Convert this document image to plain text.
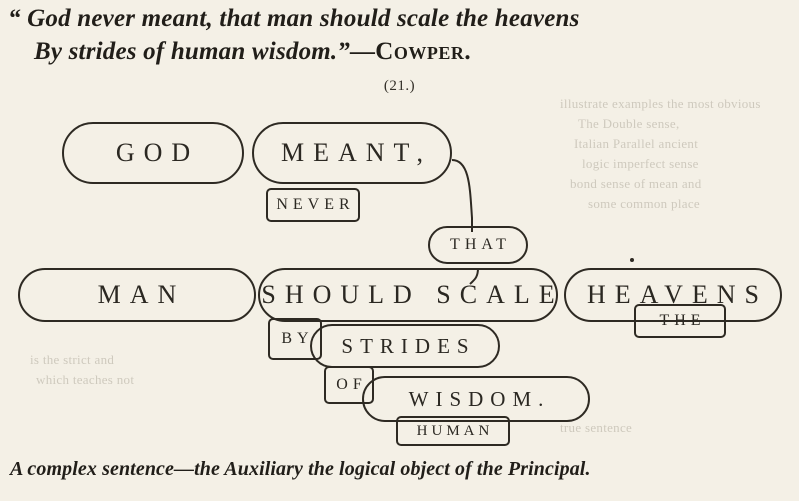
illustrate examples the most obvious
The Double sense,
Italian Parallel ancient
logic imperfect sense
bond sense of mean and
some common place
is the strict and
which teaches not
true sentence
“ God never meant, that man should scale the heavens
By strides of human wisdom.”—Cowper.
(21.)
GOD	MEANT,
NEVER
THAT
MAN	SHOULD SCALE HEAVENS
THE
BY	STRIDES
OF
WISDOM.
HUMAN
A complex sentence—the Auxiliary the logical object of the Principal.
